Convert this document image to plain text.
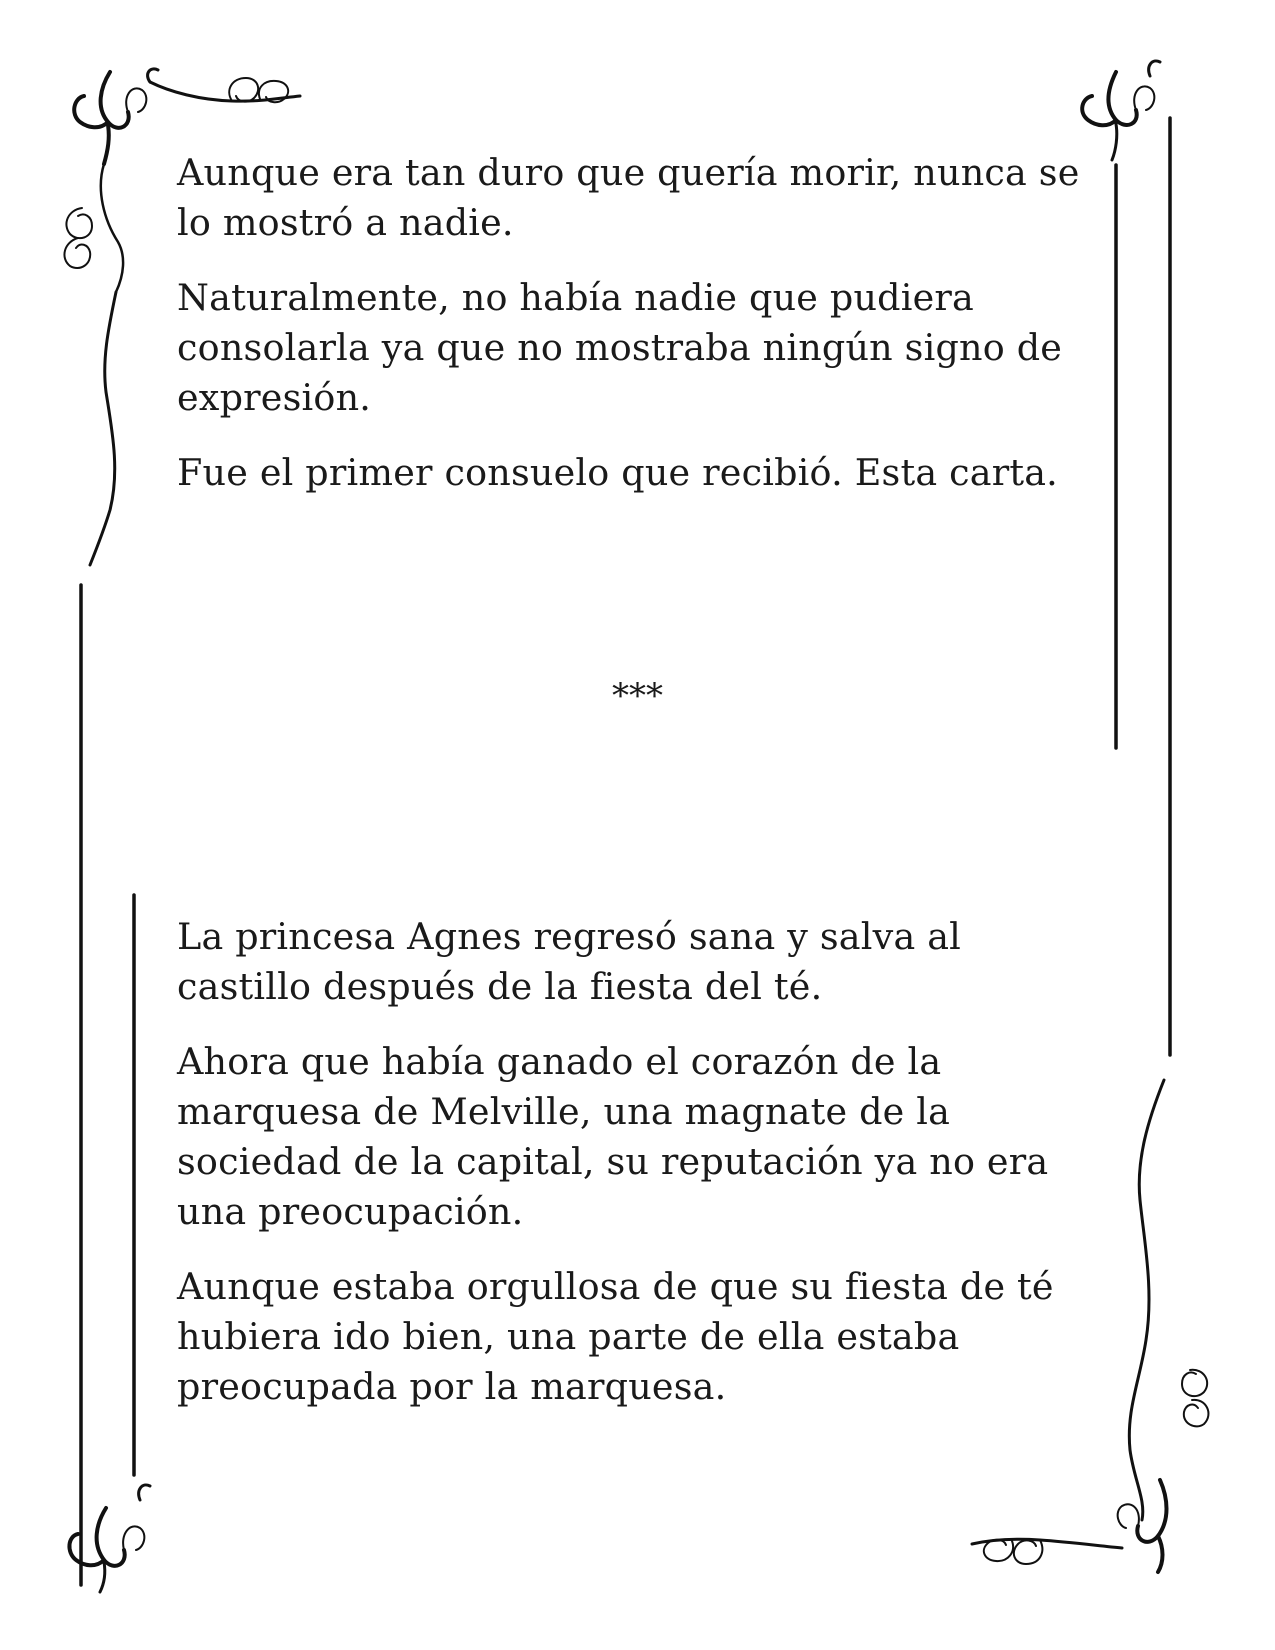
Aunque era tan duro que quería morir, nunca se lo mostró a nadie.

Naturalmente, no había nadie que pudiera consolarla ya que no mostraba ningún signo de expresión.

Fue el primer consuelo que recibió. Esta carta.

***

La princesa Agnes regresó sana y salva al castillo después de la fiesta del té.

Ahora que había ganado el corazón de la marquesa de Melville, una magnate de la sociedad de la capital, su reputación ya no era una preocupación.

Aunque estaba orgullosa de que su fiesta de té hubiera ido bien, una parte de ella estaba preocupada por la marquesa.
